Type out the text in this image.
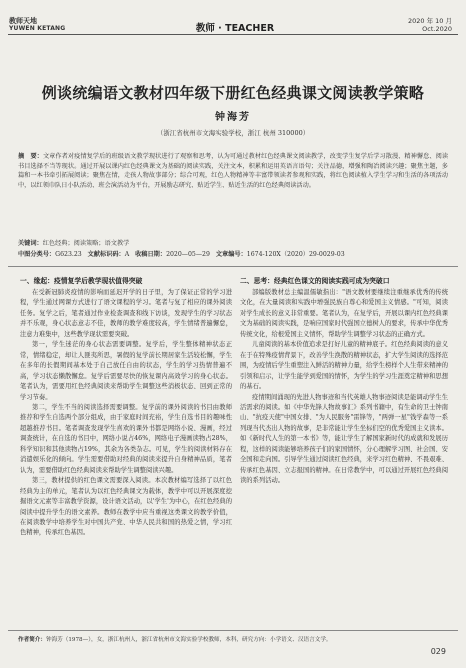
教师天地
YUWEN KETANG	教师 · TEACHER
2020 年 10 月
Oct.2020
例谈统编语文教材四年级下册红色经典课文阅读教学策略
钟海芳
（浙江省杭州市文海实验学校，浙江 杭州 310000）
摘　要：文章作者对疫情复学后的班级语文教学现状进行了观察和思考，认为可通过教材红色经典课文阅读教学，改变学生复学后学习散漫、精神懈怠、阅读书目选择不当等现状。通过开展以课内红色经典课文为基础的阅读实践，关注文本，积累和运用英语言语句；关注品德，增强和陶冶阅读兴趣；聚焦主题，多篇和一本书牵引拓展阅读；聚焦在情，走孩人物故事部分；综合可观，红色人物精神等丰富带领读者参观和实践，将红色阅读植入学生学习和生活的各项活动中，以红领巾队日小队活动、班会演活动为平台，开展励志研究、贴近学生、贴近生活的红色经典阅读活动。
关键词：红色经典；阅读策略；语文教学
中图分类号：G623.23 文献标识码：A 收稿日期：2020—05—29 文章编号：1674-120X（2020）29-0029-03
一、缘起：疫情复学后教学现状值得突破

在受新冠肺炎疫情的影响而延迟开学的日子里，为了保证正常的学习进程，学生通过网课方式进行了语文课程的学习。笔者与复了相应的课外阅读任务。复学之后，笔者通过作业检查调查和线下访谈，发现学生的学习状态并不乐观，身心状态意志不佳，教师的教学难度较高，学生情绪普遍懈怠，注意力难集中，这些教学现状需要突破。

第一，学生迷茫的身心状态需要调整。复学后，学生整体精神状态正常，情绪稳定，却让人匪夷所思，暑假的复学前长期居家生活较松懈，学生在多年的长假期间基本处于自己放任自由的状态，学生的学习热情普遍不高，学习状态懒散懈怠。复学后需要尽快的恢复课内高效学习的身心状态。笔者认为，需要用红色经典阅读来帮助学生调整这些消极状态、回到正常的学习节奏。

第二，学生不当的阅读选择需要调整。复学前的课外阅读的书目由教师推荐和学生自选两个部分组成，由于家庭时间充裕，学生自选书目的趣味性超越推荐书目。笔者调查发现学生喜欢的课外书都是网络小说、漫画，经过调查统计，在自选的书目中，网络小说占46%，网络电子漫画读物占28%，科学知识和其他读物占19%，其余为各类杂志。可见，学生的阅读材料存在消遣娱乐化的倾向。学生需要借助对经典的阅读来提升自身精神品质，笔者认为，需要借助红色经典阅读来帮助学生调整阅读兴趣。

第三，教材提供的红色课文需要深入阅读。本次教材编写选择了以红色经典为主的单元，笔者认为以红色经典课文为载体，教学中可以开展深度挖掘语文元素等丰富教学资源，设计语文活动，以'学生'为中心，在红色经典的阅读中提升学生的语文素养。教师在教学中应当重视这类课文的教学价值，在阅读教学中培养学生对中国共产党、中华人民共和国的热爱之情，学习红色精神，传承红色基因。

二、思考：经典红色课文的阅读实践可成为突破口

部编版教材总主编温儒敏指出："语文教材要继续注重继承优秀的传统文化，在大量阅读和实践中增强民族自尊心和爱国主义情感。"可知，阅读对学生成长的意义非常重要。笔者认为，在复学后，开展以课内红色经典课文为基础的阅读实践，是响应国家时代强国立德树人的要求，传承中华优秀传统文化，给根爱国主义情怀，帮助学生调整学习状态的正确方式。

儿童阅读的基本价值追求是打好儿童的精神底子。红色经典阅读的意义在于在特殊疫情背景下，改善学生涣散的精神状态，扩大学生阅读的选择范围，为疫情后学生重塑注入鲜活的精神力量，给学生榜样个人生带来精神的引领和启示，让学生能学到爱国的情怀，为学生的学习生涯奠定精神和思想的基石。

疫情期间涌现的先进人物事迹和当代英雄人物事迹阅读是能调动学生生活需求的阅读。如《中华先锋人物故事汇》系列书籍中，有生命的卫士钟南山、"抗疫天使"中国女排、"为人民服务"雷锋等，"两弹一星"钱学森等一系列现当代杰出人物的故事，是非常能让学生坐标们空的优秀爱国主义读本。如《新时代人生的第一本书》等，能让学生了解国家新时代的成就和发展历程，这样的阅读能够培养孩子们的家国情怀，分心理解学习图、社会国、安全国和走向国。引导学生通过阅读红色经典，来学习红色精神、不畏艰难、传承红色基因、立志报国的精神。在日常教学中，可以通过开展红色经典阅读的系列活动。

作者简介：钟海芳（1978—），女，浙江杭州人，浙江省杭州市文海实验学校教师，本科，研究方向：小学语文、汉语言文学。
029
